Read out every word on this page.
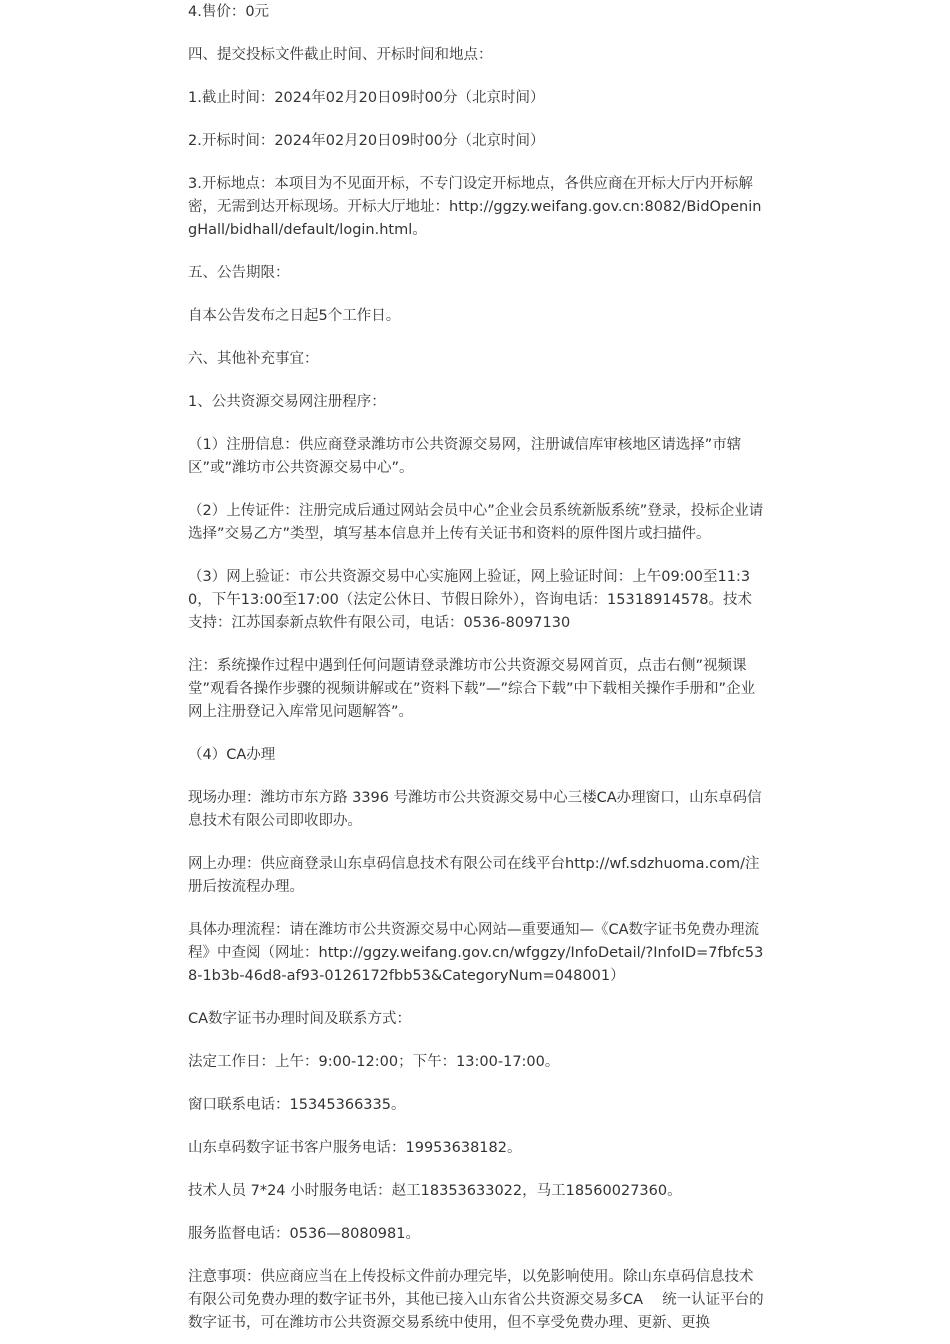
4.售价：0元

四、提交投标文件截止时间、开标时间和地点：

1.截止时间：2024年02月20日09时00分（北京时间）

2.开标时间：2024年02月20日09时00分（北京时间）

3.开标地点：本项目为不见面开标，不专门设定开标地点，各供应商在开标大厅内开标解密，无需到达开标现场。开标大厅地址：http://ggzy.weifang.gov.cn:8082/BidOpeningHall/bidhall/default/login.html。

五、公告期限：

自本公告发布之日起5个工作日。

六、其他补充事宜：

1、公共资源交易网注册程序：

（1）注册信息：供应商登录潍坊市公共资源交易网，注册诚信库审核地区请选择”市辖区”或”潍坊市公共资源交易中心”。

（2）上传证件：注册完成后通过网站会员中心”企业会员系统新版系统”登录，投标企业请选择”交易乙方”类型，填写基本信息并上传有关证书和资料的原件图片或扫描件。

（3）网上验证：市公共资源交易中心实施网上验证，网上验证时间：上午09:00至11:30，下午13:00至17:00（法定公休日、节假日除外），咨询电话：15318914578。技术支持：江苏国泰新点软件有限公司，电话：0536-8097130

注：系统操作过程中遇到任何问题请登录潍坊市公共资源交易网首页，点击右侧”视频课堂”观看各操作步骤的视频讲解或在”资料下载”—”综合下载”中下载相关操作手册和”企业网上注册登记入库常见问题解答”。

（4）CA办理

现场办理：潍坊市东方路 3396 号潍坊市公共资源交易中心三楼CA办理窗口，山东卓码信息技术有限公司即收即办。

网上办理：供应商登录山东卓码信息技术有限公司在线平台http://wf.sdzhuoma.com/注册后按流程办理。

具体办理流程：请在潍坊市公共资源交易中心网站—重要通知—《CA数字证书免费办理流程》中查阅（网址：http://ggzy.weifang.gov.cn/wfggzy/InfoDetail/?InfoID=7fbfc538-1b3b-46d8-af93-0126172fbb53&CategoryNum=048001）

CA数字证书办理时间及联系方式：

法定工作日：上午：9:00-12:00；下午：13:00-17:00。

窗口联系电话：15345366335。

山东卓码数字证书客户服务电话：19953638182。

技术人员 7*24 小时服务电话：赵工18353633022，马工18560027360。

服务监督电话：0536—8080981。

注意事项：供应商应当在上传投标文件前办理完毕，以免影响使用。除山东卓码信息技术有限公司免费办理的数字证书外，其他已接入山东省公共资源交易多CA　 统一认证平台的数字证书，可在潍坊市公共资源交易系统中使用，但不享受免费办理、更新、更换
